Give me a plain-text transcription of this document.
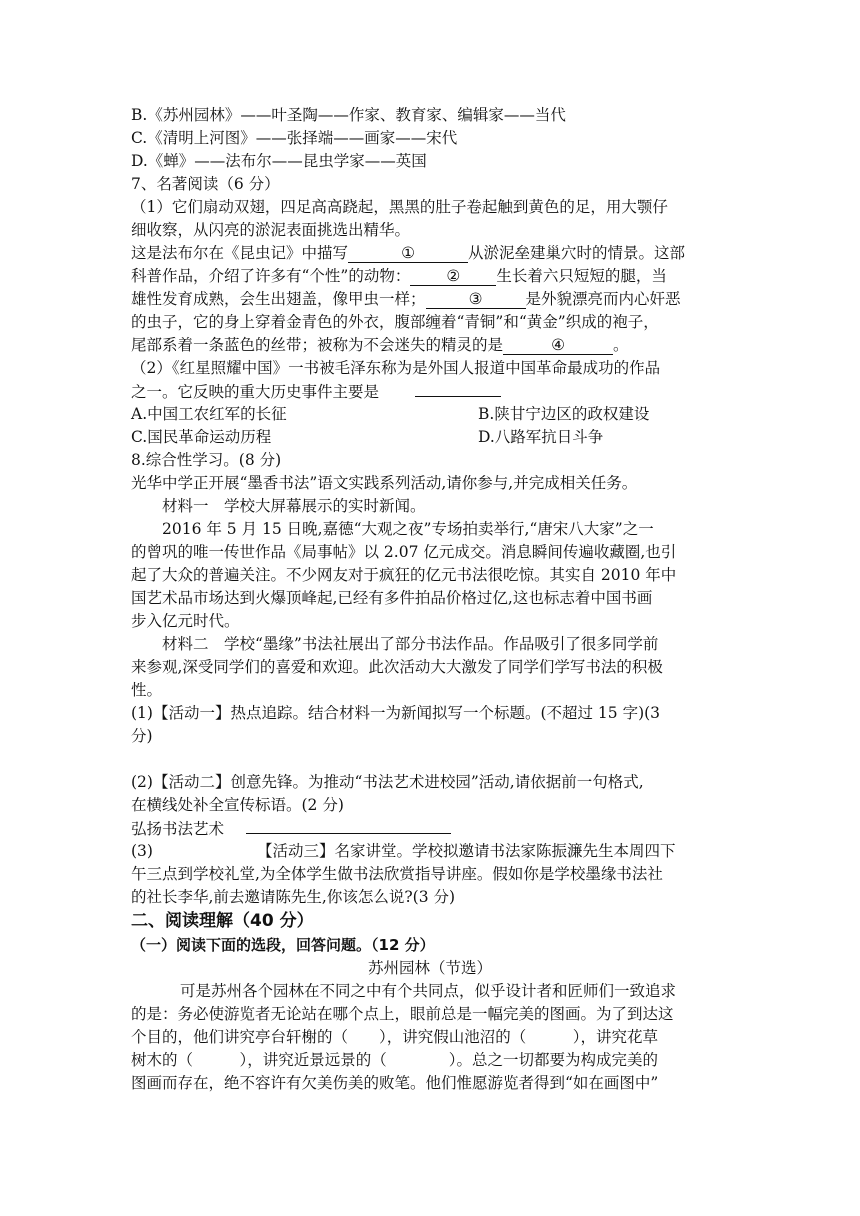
B.《苏州园林》——叶圣陶——作家、教育家、编辑家——当代
C.《清明上河图》——张择端——画家——宋代
D.《蝉》——法布尔——昆虫学家——英国
7、名著阅读（6 分）
（1）它们扇动双翅，四足高高跷起，黑黑的肚子卷起触到黄色的足，用大颚仔
细收察，从闪亮的淤泥表面挑选出精华。
这是法布尔在《昆虫记》中描写	①	从淤泥垒建巢穴时的情景。这部
科普作品，介绍了许多有“个性”的动物： ② 生长着六只短短的腿，当
雄性发育成熟，会生出翅盖，像甲虫一样；	③	是外貌漂亮而内心奸恶
的虫子，它的身上穿着金青色的外衣，腹部缠着“青铜”和“黄金”织成的袍子，
尾部系着一条蓝色的丝带；被称为不会迷失的精灵的是	④	。
（2）《红星照耀中国》一书被毛泽东称为是外国人报道中国革命最成功的作品
之一。它反映的重大历史事件主要是
A.中国工农红军的长征	B.陕甘宁边区的政权建设
C.国民革命运动历程	D.八路军抗日斗争
8.综合性学习。(8 分)
光华中学正开展“墨香书法”语文实践系列活动,请你参与,并完成相关任务。
材料一　学校大屏幕展示的实时新闻。
2016 年 5 月 15 日晚,嘉德“大观之夜”专场拍卖举行,“唐宋八大家”之一
的曾巩的唯一传世作品《局事帖》以 2.07 亿元成交。消息瞬间传遍收藏圈,也引
起了大众的普遍关注。不少网友对于疯狂的亿元书法很吃惊。其实自 2010 年中
国艺术品市场达到火爆顶峰起,已经有多件拍品价格过亿,这也标志着中国书画
步入亿元时代。
材料二　学校“墨缘”书法社展出了部分书法作品。作品吸引了很多同学前
来参观,深受同学们的喜爱和欢迎。此次活动大大激发了同学们学写书法的积极
性。
(1)【活动一】热点追踪。结合材料一为新闻拟写一个标题。(不超过 15 字)(3
分)
(2)【活动二】创意先锋。为推动“书法艺术进校园”活动,请依据前一句格式,
在横线处补全宣传标语。(2 分)
弘扬书法艺术
(3)	【活动三】名家讲堂。学校拟邀请书法家陈振濂先生本周四下
午三点到学校礼堂,为全体学生做书法欣赏指导讲座。假如你是学校墨缘书法社
的社长李华,前去邀请陈先生,你该怎么说?(3 分)
二、阅读理解（40 分）
（一）阅读下面的选段，回答问题。（12 分）
苏州园林（节选）
可是苏州各个园林在不同之中有个共同点，似乎设计者和匠师们一致追求
的是：务必使游览者无论站在哪个点上，眼前总是一幅完美的图画。为了到达这
个目的，他们讲究亭台轩榭的（　　），讲究假山池沼的（　　　），讲究花草
树木的（　　　），讲究近景远景的（　　　　）。总之一切都要为构成完美的
图画而存在，绝不容许有欠美伤美的败笔。他们惟愿游览者得到“如在画图中”
